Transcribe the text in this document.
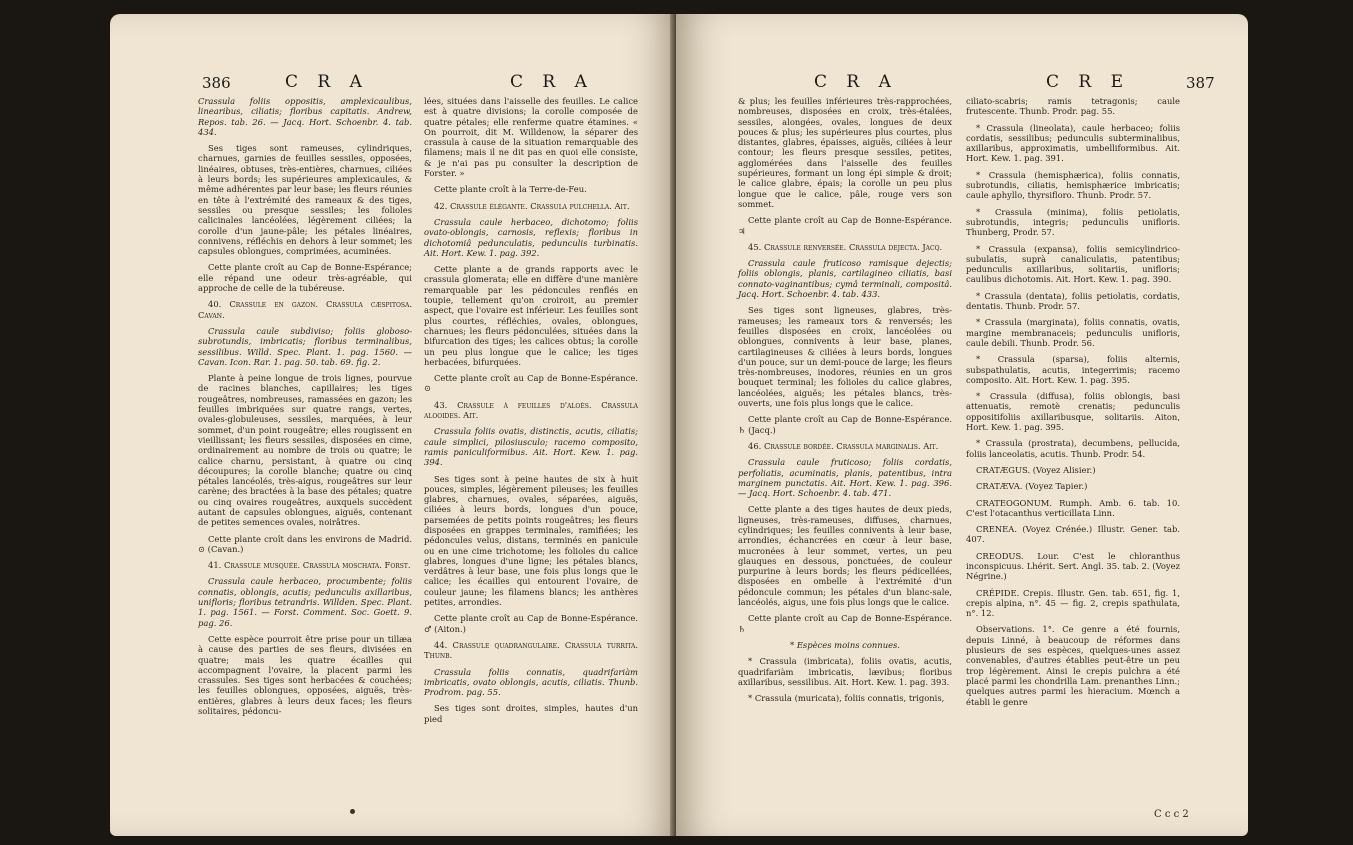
386	C R A	C R A

Crassula foliis oppositis, amplexicaulibus, linearibus, ciliatis; floribus capitatis. Andrew, Repos. tab. 26. — Jacq. Hort. Schoenbr. 4. tab. 434.

Ses tiges sont rameuses, cylindriques, charnues, garnies de feuilles sessiles, opposées, linéaires, obtuses, très-entières, charnues, ciliées à leurs bords; les supérieures amplexicaules, & même adhérentes par leur base; les fleurs réunies en tête à l'extrémité des rameaux & des tiges, sessiles ou presque sessiles; les folioles calicinales lancéolées, légèrement ciliées; la corolle d'un jaune-pâle; les pétales linéaires, connivens, réfléchis en dehors à leur sommet; les capsules oblongues, comprimées, acuminées.

Cette plante croît au Cap de Bonne-Espérance; elle répand une odeur très-agréable, qui approche de celle de la tubéreuse.

40. Crassule en gazon. Crassula cæspitosa. Cavan.

Crassula caule subdiviso; foliis globoso-subrotundis, imbricatis; floribus terminalibus, sessilibus. Willd. Spec. Plant. 1. pag. 1560. — Cavan. Icon. Rar. 1. pag. 50. tab. 69. fig. 2.

Plante à peine longue de trois lignes, pourvue de racines blanches, capillaires; les tiges rougeâtres, nombreuses, ramassées en gazon; les feuilles imbriquées sur quatre rangs, vertes, ovales-globuleuses, sessiles, marquées, à leur sommet, d'un point rougeâtre; elles rougissent en vieillissant; les fleurs sessiles, disposées en cime, ordinairement au nombre de trois ou quatre; le calice charnu, persistant, à quatre ou cinq découpures; la corolle blanche; quatre ou cinq pétales lancéolés, très-aigus, rougeâtres sur leur carène; des bractées à la base des pétales; quatre ou cinq ovaires rougeâtres, auxquels succèdent autant de capsules oblongues, aiguës, contenant de petites semences ovales, noirâtres.

Cette plante croît dans les environs de Madrid. ⊙ (Cavan.)

41. Crassule musquée. Crassula moschata. Forst.

Crassula caule herbaceo, procumbente; foliis connatis, oblongis, acutis; pedunculis axillaribus, unifloris; floribus tetrandris. Willden. Spec. Plant. 1. pag. 1561. — Forst. Comment. Soc. Goett. 9. pag. 26.

Cette espèce pourroit être prise pour un tillæa à cause des parties de ses fleurs, divisées en quatre; mais les quatre écailles qui accompagnent l'ovaire, la placent parmi les crassules. Ses tiges sont herbacées & couchées; les feuilles oblongues, opposées, aiguës, très-entières, glabres à leurs deux faces; les fleurs solitaires, pédoncu-

lées, situées dans l'aisselle des feuilles. Le calice est à quatre divisions; la corolle composée de quatre pétales; elle renferme quatre étamines. « On pourroit, dit M. Willdenow, la séparer des crassula à cause de la situation remarquable des filamens; mais il ne dit pas en quoi elle consiste, & je n'ai pas pu consulter la description de Forster. »

Cette plante croît à la Terre-de-Feu.

42. Crassule élégante. Crassula pulchella. Ait.

Crassula caule herbaceo, dichotomo; foliis ovato-oblongis, carnosis, reflexis; floribus in dichotomiâ pedunculatis, pedunculis turbinatis. Ait. Hort. Kew. 1. pag. 392.

Cette plante a de grands rapports avec le crassula glomerata; elle en diffère d'une manière remarquable par les pédoncules renflés en toupie, tellement qu'on croiroit, au premier aspect, que l'ovaire est inférieur. Les feuilles sont plus courtes, réfléchies, ovales, oblongues, charnues; les fleurs pédonculées, situées dans la bifurcation des tiges; les calices obtus; la corolle un peu plus longue que le calice; les tiges herbacées, bifurquées.

Cette plante croît au Cap de Bonne-Espérance. ⊙

43. Crassule à feuilles d'aloès. Crassula alooides. Ait.

Crassula foliis ovatis, distinctis, acutis, ciliatis; caule simplici, pilosiusculo; racemo composito, ramis paniculiformibus. Ait. Hort. Kew. 1. pag. 394.

Ses tiges sont à peine hautes de six à huit pouces, simples, légèrement pileuses; les feuilles glabres, charnues, ovales, séparées, aiguës, ciliées à leurs bords, longues d'un pouce, parsemées de petits points rougeâtres; les fleurs disposées en grappes terminales, ramifiées; les pédoncules velus, distans, terminés en panicule ou en une cime trichotome; les folioles du calice glabres, longues d'une ligne; les pétales blancs, verdâtres à leur base, une fois plus longs que le calice; les écailles qui entourent l'ovaire, de couleur jaune; les filamens blancs; les anthères petites, arrondies.

Cette plante croît au Cap de Bonne-Espérance. ♂ (Aiton.)

44. Crassule quadrangulaire. Crassula turrita. Thunb.

Crassula foliis connatis, quadrifariàm imbricatis, ovato oblongis, acutis, ciliatis. Thunb. Prodrom. pag. 55.

Ses tiges sont droites, simples, hautes d'un pied

C R A	C R E	387

& plus; les feuilles inférieures très-rapprochées, nombreuses, disposées en croix, très-étalées, sessiles, alongées, ovales, longues de deux pouces & plus; les supérieures plus courtes, plus distantes, glabres, épaisses, aiguës, ciliées à leur contour; les fleurs presque sessiles, petites, agglomérées dans l'aisselle des feuilles supérieures, formant un long épi simple & droit; le calice glabre, épais; la corolle un peu plus longue que le calice, pâle, rouge vers son sommet.

Cette plante croît au Cap de Bonne-Espérance. ♃

45. Crassule renversée. Crassula dejecta. Jacq.

Crassula caule fruticoso ramisque dejectis; foliis oblongis, planis, cartilagineo ciliatis, basi connato-vaginantibus; cymâ terminali, compositâ. Jacq. Hort. Schoenbr. 4. tab. 433.

Ses tiges sont ligneuses, glabres, très-rameuses; les rameaux tors & renversés; les feuilles disposées en croix, lancéolées ou oblongues, connivents à leur base, planes, cartilagineuses & ciliées à leurs bords, longues d'un pouce, sur un demi-pouce de large; les fleurs très-nombreuses, inodores, réunies en un gros bouquet terminal; les folioles du calice glabres, lancéolées, aiguës; les pétales blancs, très-ouverts, une fois plus longs que le calice.

Cette plante croît au Cap de Bonne-Espérance. ♄ (Jacq.)

46. Crassule bordée. Crassula marginalis. Ait.

Crassula caule fruticoso; foliis cordatis, perfoliatis, acuminatis, planis, patentibus, intra marginem punctatis. Ait. Hort. Kew. 1. pag. 396. — Jacq. Hort. Schoenbr. 4. tab. 471.

Cette plante a des tiges hautes de deux pieds, ligneuses, très-rameuses, diffuses, charnues, cylindriques; les feuilles connivents à leur base, arrondies, échancrées en cœur à leur base, mucronées à leur sommet, vertes, un peu glauques en dessous, ponctuées, de couleur purpurine à leurs bords; les fleurs pédicellées, disposées en ombelle à l'extrémité d'un pédoncule commun; les pétales d'un blanc-sale, lancéolés, aigus, une fois plus longs que le calice.

Cette plante croît au Cap de Bonne-Espérance. ♄

* Espèces moins connues.

* Crassula (imbricata), foliis ovatis, acutis, quadrifariàm imbricatis, lævibus; floribus axillaribus, sessilibus. Ait. Hort. Kew. 1. pag. 393.

* Crassula (muricata), foliis connatis, trigonis,

ciliato-scabris; ramis tetragonis; caule frutescente. Thunb. Prodr. pag. 55.

* Crassula (lineolata), caule herbaceo; foliis cordatis, sessilibus; pedunculis subterminalibus, axillaribus, approximatis, umbelliformibus. Ait. Hort. Kew. 1. pag. 391.

* Crassula (hemisphærica), foliis connatis, subrotundis, ciliatis, hemisphærice imbricatis; caule aphyllo, thyrsifloro. Thunb. Prodr. 57.

* Crassula (minima), foliis petiolatis, subrotundis, integris; pedunculis unifloris. Thunberg, Prodr. 57.

* Crassula (expansa), foliis semicylindrico-subulatis, suprà canaliculatis, patentibus; pedunculis axillaribus, solitariis, unifloris; caulibus dichotomis. Ait. Hort. Kew. 1. pag. 390.

* Crassula (dentata), foliis petiolatis, cordatis, dentatis. Thunb. Prodr. 57.

* Crassula (marginata), foliis connatis, ovatis, margine membranaceis; pedunculis unifloris, caule debili. Thunb. Prodr. 56.

* Crassula (sparsa), foliis alternis, subspathulatis, acutis, integerrimis; racemo composito. Ait. Hort. Kew. 1. pag. 395.

* Crassula (diffusa), foliis oblongis, basi attenuatis, remotè crenatis; pedunculis oppositifoliis axillaribusque, solitariis. Aiton, Hort. Kew. 1. pag. 395.

* Crassula (prostrata), decumbens, pellucida, foliis lanceolatis, acutis. Thunb. Prodr. 54.

CRATÆGUS. (Voyez Alisier.)

CRATÆVA. (Voyez Tapier.)

CRATEOGONUM. Rumph. Amb. 6. tab. 10. C'est l'otacanthus verticillata Linn.

CRENEA. (Voyez Crénée.) Illustr. Gener. tab. 407.

CREODUS. Lour. C'est le chloranthus inconspicuus. Lhérit. Sert. Angl. 35. tab. 2. (Voyez Négrine.)

CRÉPIDE. Crepis. Illustr. Gen. tab. 651, fig. 1, crepis alpina, n°. 45 — fig. 2, crepis spathulata, n°. 12.

Observations. 1°. Ce genre a été fournis, depuis Linné, à beaucoup de réformes dans plusieurs de ses espèces, quelques-unes assez convenables, d'autres établies peut-être un peu trop légèrement. Ainsi le crepis pulchra a été placé parmi les chondrilla Lam. prenanthes Linn.; quelques autres parmi les hieracium. Mœnch a établi le genre

C c c 2
